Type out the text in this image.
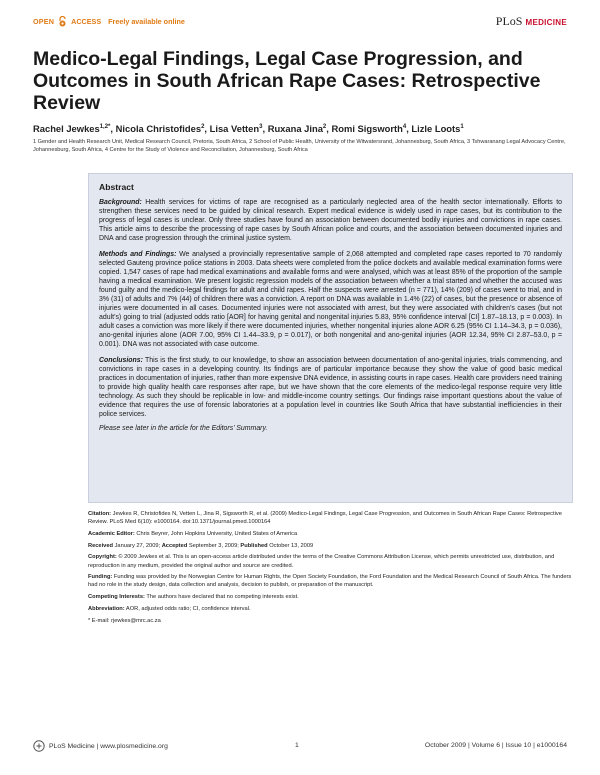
OPEN ACCESS Freely available online	PLoS MEDICINE
Medico-Legal Findings, Legal Case Progression, and Outcomes in South African Rape Cases: Retrospective Review
Rachel Jewkes$^{1,2*}$, Nicola Christofides$^2$, Lisa Vetten$^3$, Ruxana Jina$^2$, Romi Sigsworth$^4$, Lizle Loots$^1$
1 Gender and Health Research Unit, Medical Research Council, Pretoria, South Africa, 2 School of Public Health, University of the Witwatersrand, Johannesburg, South Africa, 3 Tshwaranang Legal Advocacy Centre, Johannesburg, South Africa, 4 Centre for the Study of Violence and Reconciliation, Johannesburg, South Africa
Abstract

Background: Health services for victims of rape are recognised as a particularly neglected area of the health sector internationally. Efforts to strengthen these services need to be guided by clinical research. Expert medical evidence is widely used in rape cases, but its contribution to the progress of legal cases is unclear. Only three studies have found an association between documented bodily injuries and convictions in rape cases. This article aims to describe the processing of rape cases by South African police and courts, and the association between documented injuries and DNA and case progression through the criminal justice system.

Methods and Findings: We analysed a provincially representative sample of 2,068 attempted and completed rape cases reported to 70 randomly selected Gauteng province police stations in 2003. Data sheets were completed from the police dockets and available medical examination forms were copied. 1,547 cases of rape had medical examinations and available forms and were analysed, which was at least 85% of the proportion of the sample having a medical examination. We present logistic regression models of the association between whether a trial started and whether the accused was found guilty and the medico-legal findings for adult and child rapes. Half the suspects were arrested (n = 771), 14% (209) of cases went to trial, and in 3% (31) of adults and 7% (44) of children there was a conviction. A report on DNA was available in 1.4% (22) of cases, but the presence or absence of injuries were documented in all cases. Documented injuries were not associated with arrest, but they were associated with children’s cases (but not adult’s) going to trial (adjusted odds ratio [AOR] for having genital and nongenital injuries 5.83, 95% confidence interval [CI] 1.87–18.13, p = 0.003). In adult cases a conviction was more likely if there were documented injuries, whether nongenital injuries alone AOR 6.25 (95% CI 1.14–34.3, p = 0.036), ano-genital injuries alone (AOR 7.00, 95% CI 1.44–33.9, p = 0.017), or both nongenital and ano-genital injuries (AOR 12.34, 95% CI 2.87–53.0, p = 0.001). DNA was not associated with case outcome.

Conclusions: This is the first study, to our knowledge, to show an association between documentation of ano-genital injuries, trials commencing, and convictions in rape cases in a developing country. Its findings are of particular importance because they show the value of good basic medical practices in documentation of injuries, rather than more expensive DNA evidence, in assisting courts in rape cases. Health care providers need training to provide high quality health care responses after rape, but we have shown that the core elements of the medico-legal response require very little technology. As such they should be replicable in low- and middle-income country settings. Our findings raise important questions about the value of evidence that requires the use of forensic laboratories at a population level in countries like South Africa that have substantial inefficiencies in their police services.

Please see later in the article for the Editors’ Summary.

Citation: Jewkes R, Christofides N, Vetten L, Jina R, Sigsworth R, et al. (2009) Medico-Legal Findings, Legal Case Progression, and Outcomes in South African Rape Cases: Retrospective Review. PLoS Med 6(10): e1000164. doi:10.1371/journal.pmed.1000164

Academic Editor: Chris Beyrer, John Hopkins University, United States of America

Received January 27, 2009; Accepted September 3, 2009; Published October 13, 2009

Copyright: © 2009 Jewkes et al. This is an open-access article distributed under the terms of the Creative Commons Attribution License, which permits unrestricted use, distribution, and reproduction in any medium, provided the original author and source are credited.

Funding: Funding was provided by the Norwegian Centre for Human Rights, the Open Society Foundation, the Ford Foundation and the Medical Research Council of South Africa. The funders had no role in the study design, data collection and analysis, decision to publish, or preparation of the manuscript.

Competing Interests: The authors have declared that no competing interests exist.

Abbreviation: AOR, adjusted odds ratio; CI, confidence interval.

* E-mail: rjewkes@mrc.ac.za

PLoS Medicine | www.plosmedicine.org	1	October 2009 | Volume 6 | Issue 10 | e1000164
